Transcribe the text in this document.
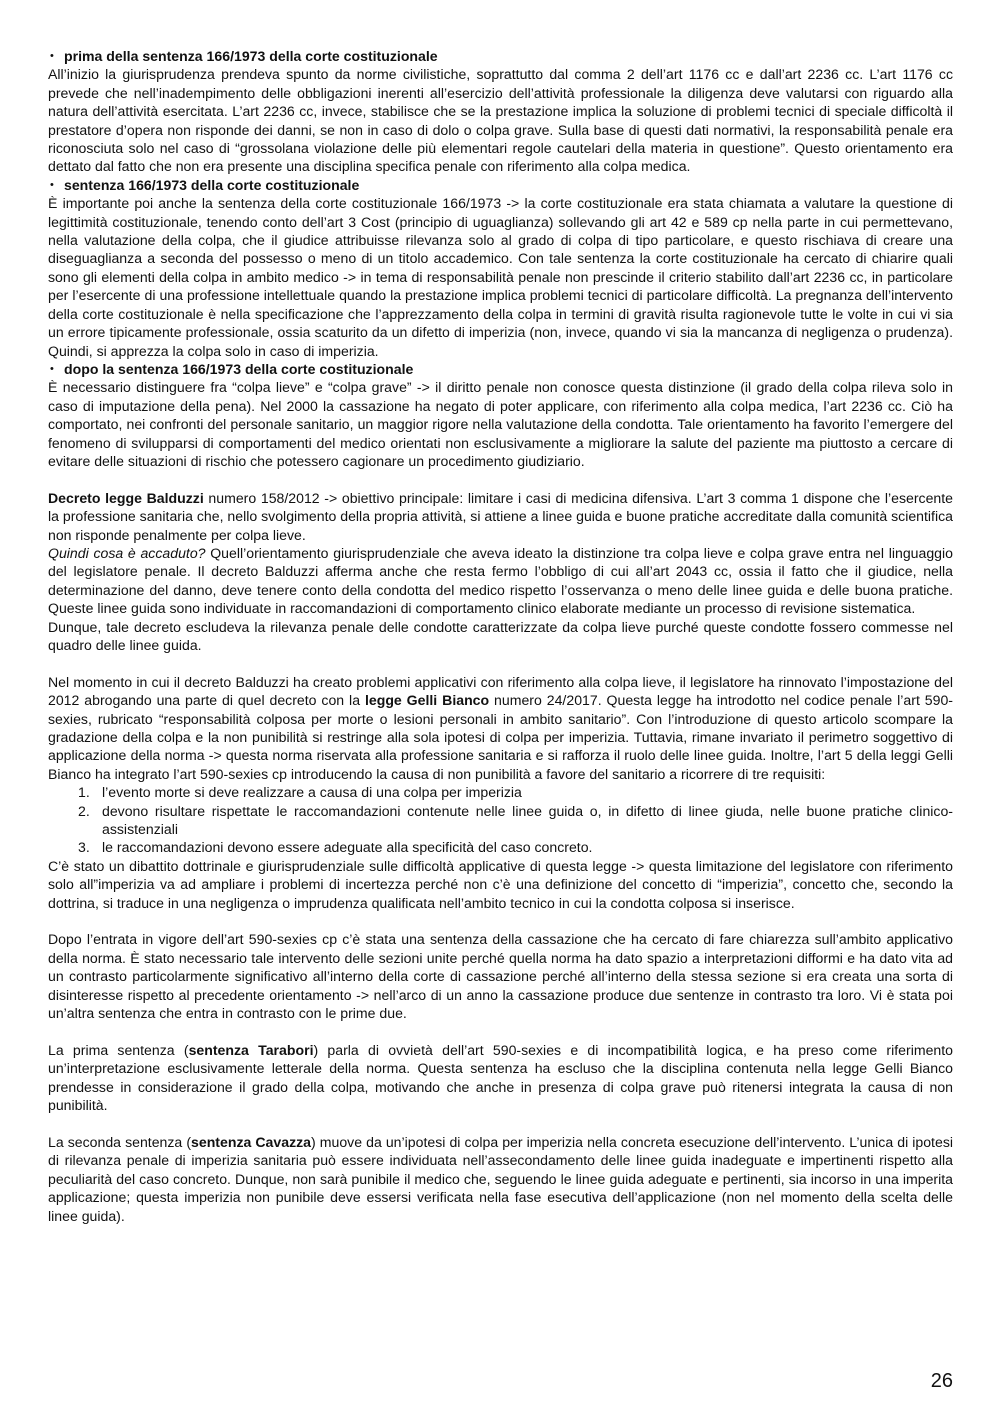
• prima della sentenza 166/1973 della corte costituzionale

All’inizio la giurisprudenza prendeva spunto da norme civilistiche, soprattutto dal comma 2 dell’art 1176 cc e dall’art 2236 cc. L’art 1176 cc prevede che nell’inadempimento delle obbligazioni inerenti all’esercizio dell’attività professionale la diligenza deve valutarsi con riguardo alla natura dell’attività esercitata. L’art 2236 cc, invece, stabilisce che se la prestazione implica la soluzione di problemi tecnici di speciale difficoltà il prestatore d’opera non risponde dei danni, se non in caso di dolo o colpa grave. Sulla base di questi dati normativi, la responsabilità penale era riconosciuta solo nel caso di “grossolana violazione delle più elementari regole cautelari della materia in questione”. Questo orientamento era dettato dal fatto che non era presente una disciplina specifica penale con riferimento alla colpa medica.

• sentenza 166/1973 della corte costituzionale

È importante poi anche la sentenza della corte costituzionale 166/1973 -> la corte costituzionale era stata chiamata a valutare la questione di legittimità costituzionale, tenendo conto dell’art 3 Cost (principio di uguaglianza) sollevando gli art 42 e 589 cp nella parte in cui permettevano, nella valutazione della colpa, che il giudice attribuisse rilevanza solo al grado di colpa di tipo particolare, e questo rischiava di creare una diseguaglianza a seconda del possesso o meno di un titolo accademico. Con tale sentenza la corte costituzionale ha cercato di chiarire quali sono gli elementi della colpa in ambito medico -> in tema di responsabilità penale non prescinde il criterio stabilito dall’art 2236 cc, in particolare per l’esercente di una professione intellettuale quando la prestazione implica problemi tecnici di particolare difficoltà. La pregnanza dell’intervento della corte costituzionale è nella specificazione che l’apprezzamento della colpa in termini di gravità risulta ragionevole tutte le volte in cui vi sia un errore tipicamente professionale, ossia scaturito da un difetto di imperizia (non, invece, quando vi sia la mancanza di negligenza o prudenza). Quindi, si apprezza la colpa solo in caso di imperizia.

• dopo la sentenza 166/1973 della corte costituzionale

È necessario distinguere fra “colpa lieve” e “colpa grave” -> il diritto penale non conosce questa distinzione (il grado della colpa rileva solo in caso di imputazione della pena). Nel 2000 la cassazione ha negato di poter applicare, con riferimento alla colpa medica, l’art 2236 cc. Ciò ha comportato, nei confronti del personale sanitario, un maggior rigore nella valutazione della condotta. Tale orientamento ha favorito l’emergere del fenomeno di svilupparsi di comportamenti del medico orientati non esclusivamente a migliorare la salute del paziente ma piuttosto a cercare di evitare delle situazioni di rischio che potessero cagionare un procedimento giudiziario.

Decreto legge Balduzzi numero 158/2012 -> obiettivo principale: limitare i casi di medicina difensiva. L’art 3 comma 1 dispone che l’esercente la professione sanitaria che, nello svolgimento della propria attività, si attiene a linee guida e buone pratiche accreditate dalla comunità scientifica non risponde penalmente per colpa lieve.

Quindi cosa è accaduto? Quell’orientamento giurisprudenziale che aveva ideato la distinzione tra colpa lieve e colpa grave entra nel linguaggio del legislatore penale. Il decreto Balduzzi afferma anche che resta fermo l’obbligo di cui all’art 2043 cc, ossia il fatto che il giudice, nella determinazione del danno, deve tenere conto della condotta del medico rispetto l’osservanza o meno delle linee guida e delle buona pratiche. Queste linee guida sono individuate in raccomandazioni di comportamento clinico elaborate mediante un processo di revisione sistematica.

Dunque, tale decreto escludeva la rilevanza penale delle condotte caratterizzate da colpa lieve purché queste condotte fossero commesse nel quadro delle linee guida.

Nel momento in cui il decreto Balduzzi ha creato problemi applicativi con riferimento alla colpa lieve, il legislatore ha rinnovato l’impostazione del 2012 abrogando una parte di quel decreto con la legge Gelli Bianco numero 24/2017. Questa legge ha introdotto nel codice penale l’art 590-sexies, rubricato “responsabilità colposa per morte o lesioni personali in ambito sanitario”. Con l’introduzione di questo articolo scompare la gradazione della colpa e la non punibilità si restringe alla sola ipotesi di colpa per imperizia. Tuttavia, rimane invariato il perimetro soggettivo di applicazione della norma -> questa norma riservata alla professione sanitaria e si rafforza il ruolo delle linee guida. Inoltre, l’art 5 della leggi Gelli Bianco ha integrato l’art 590-sexies cp introducendo la causa di non punibilità a favore del sanitario a ricorrere di tre requisiti:

1. l’evento morte si deve realizzare a causa di una colpa per imperizia
2. devono risultare rispettate le raccomandazioni contenute nelle linee guida o, in difetto di linee giuda, nelle buone pratiche clinico-assistenziali
3. le raccomandazioni devono essere adeguate alla specificità del caso concreto.

C’è stato un dibattito dottrinale e giurisprudenziale sulle difficoltà applicative di questa legge -> questa limitazione del legislatore con riferimento solo all”imperizia va ad ampliare i problemi di incertezza perché non c’è una definizione del concetto di “imperizia”, concetto che, secondo la dottrina, si traduce in una negligenza o imprudenza qualificata nell’ambito tecnico in cui la condotta colposa si inserisce.

Dopo l’entrata in vigore dell’art 590-sexies cp c’è stata una sentenza della cassazione che ha cercato di fare chiarezza sull’ambito applicativo della norma. È stato necessario tale intervento delle sezioni unite perché quella norma ha dato spazio a interpretazioni difformi e ha dato vita ad un contrasto particolarmente significativo all’interno della corte di cassazione perché all’interno della stessa sezione si era creata una sorta di disinteresse rispetto al precedente orientamento -> nell’arco di un anno la cassazione produce due sentenze in contrasto tra loro. Vi è stata poi un’altra sentenza che entra in contrasto con le prime due.

La prima sentenza (sentenza Tarabori) parla di ovvietà dell’art 590-sexies e di incompatibilità logica, e ha preso come riferimento un’interpretazione esclusivamente letterale della norma. Questa sentenza ha escluso che la disciplina contenuta nella legge Gelli Bianco prendesse in considerazione il grado della colpa, motivando che anche in presenza di colpa grave può ritenersi integrata la causa di non punibilità.

La seconda sentenza (sentenza Cavazza) muove da un’ipotesi di colpa per imperizia nella concreta esecuzione dell’intervento. L’unica di ipotesi di rilevanza penale di imperizia sanitaria può essere individuata nell’assecondamento delle linee guida inadeguate e impertinenti rispetto alla peculiarità del caso concreto. Dunque, non sarà punibile il medico che, seguendo le linee guida adeguate e pertinenti, sia incorso in una imperita applicazione; questa imperizia non punibile deve essersi verificata nella fase esecutiva dell’applicazione (non nel momento della scelta delle linee guida).

26
